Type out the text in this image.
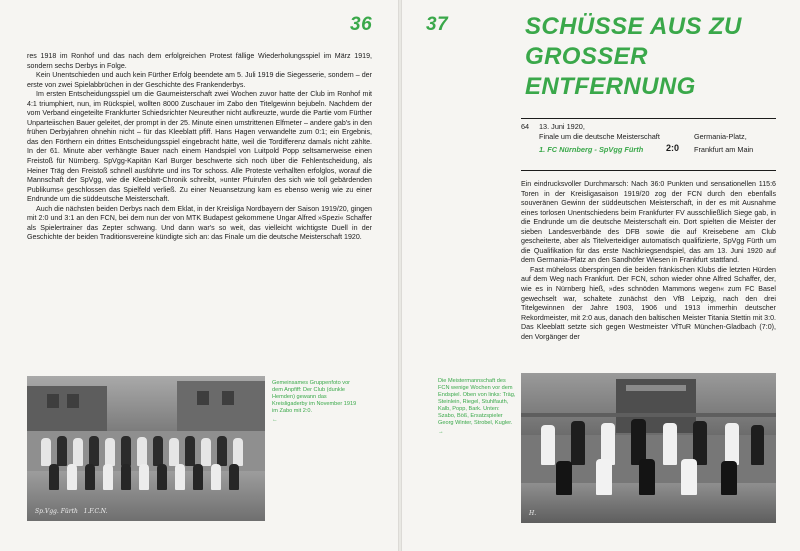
36

res 1918 im Ronhof und das nach dem erfolgreichen Protest fällige Wiederholungsspiel im März 1919, sondern sechs Derbys in Folge.

Kein Unentschieden und auch kein Fürther Erfolg beendete am 5. Juli 1919 die Siegesserie, sondern – der erste von zwei Spielabbrüchen in der Geschichte des Frankenderbys.

Im ersten Entscheidungsspiel um die Gaumeisterschaft zwei Wochen zuvor hatte der Club im Ronhof mit 4:1 triumphiert, nun, im Rückspiel, wollten 8000 Zuschauer im Zabo den Titelgewinn bejubeln. Nachdem der vom Verband eingeteilte Frankfurter Schiedsrichter Neureuther nicht aufkreuzte, wurde die Partie vom Fürther Unparteiischen Bauer geleitet, der prompt in der 25. Minute einen umstrittenen Elfmeter – andere gab's in den frühen Derbyjahren ohnehin nicht – für das Kleeblatt pfiff. Hans Hagen verwandelte zum 0:1; ein Ergebnis, das den Förthern ein drittes Entscheidungsspiel eingebracht hätte, weil die Tordifferenz damals nicht zählte. In der 61. Minute aber verhängte Bauer nach einem Handspiel von Luitpold Popp seltsamerweise einen Freistoß für Nürnberg. SpVgg-Kapitän Karl Burger beschwerte sich noch über die Fehlentscheidung, als Heiner Träg den Freistoß schnell ausführte und ins Tor schoss. Alle Proteste verhallten erfolglos, worauf die Mannschaft der SpVgg, wie die Kleeblatt-Chronik schreibt, »unter Pfuirufen des sich wie toll gebärdenden Publikums« geschlossen das Spielfeld verließ. Zu einer Neuansetzung kam es ebenso wenig wie zu einer Endrunde um die süddeutsche Meisterschaft.

Auch die nächsten beiden Derbys nach dem Eklat, in der Kreisliga Nordbayern der Saison 1919/20, gingen mit 2:0 und 3:1 an den FCN, bei dem nun der von MTK Budapest gekommene Ungar Alfred »Spezi« Schaffer als Spielertrainer das Zepter schwang. Und dann war's so weit, das vielleicht wichtigste Duell in der Geschichte der beiden Traditionsvereine kündigte sich an: das Finale um die deutsche Meisterschaft 1920.

Sp.Vgg. Fürth   1.F.C.N.

Gemeinsames Gruppenfoto vor dem Anpfiff: Der Club (dunkle Hemden) gewann das Kreisligaderby im November 1919 im Zabo mit 2:0.
←

37

Die Meistermannschaft des FCN wenige Wochen vor dem Endspiel. Oben von links: Träg, Steinlein, Riegel, Stuhlfauth, Kalb, Popp, Bark. Unten: Szabo, Böß, Ersatzspieler Georg Winter, Strobel, Kugler.
→

SCHÜSSE AUS ZU
GROSSER ENTFERNUNG
64 13. Juni 1920,
Finale um die deutsche Meisterschaft	Germania-Platz,
1. FC Nürnberg - SpVgg Fürth	2:0 Frankfurt am Main

Ein eindrucksvoller Durchmarsch: Nach 36:0 Punkten und sensationellen 115:6 Toren in der Kreisligasaison 1919/20 zog der FCN durch den ebenfalls souveränen Gewinn der süddeutschen Meisterschaft, in der es mit Ausnahme eines torlosen Unentschiedens beim Frankfurter FV ausschließlich Siege gab, in die Endrunde um die deutsche Meisterschaft ein. Dort spielten die Meister der sieben Landesverbände des DFB sowie die auf Kreisebene am Club gescheiterte, aber als Titelverteidiger automatisch qualifizierte, SpVgg Fürth um die Qualifikation für das erste Nachkriegsendspiel, das am 13. Juni 1920 auf dem Germania-Platz an den Sandhöfer Wiesen in Frankfurt stattfand.

Fast müheloss überspringen die beiden fränkischen Klubs die letzten Hürden auf dem Weg nach Frankfurt. Der FCN, schon wieder ohne Alfred Schaffer, der, wie es in Nürnberg hieß, »des schnöden Mammons wegen« zum FC Basel gewechselt war, schaltete zunächst den VfB Leipzig, nach den drei Titelgewinnen der Jahre 1903, 1906 und 1913 immerhin deutscher Rekordmeister, mit 2:0 aus, danach den baltischen Meister Titania Stettin mit 3:0. Das Kleeblatt setzte sich gegen Westmeister VfTuR München-Gladbach (7:0), den Vorgänger der

H.
